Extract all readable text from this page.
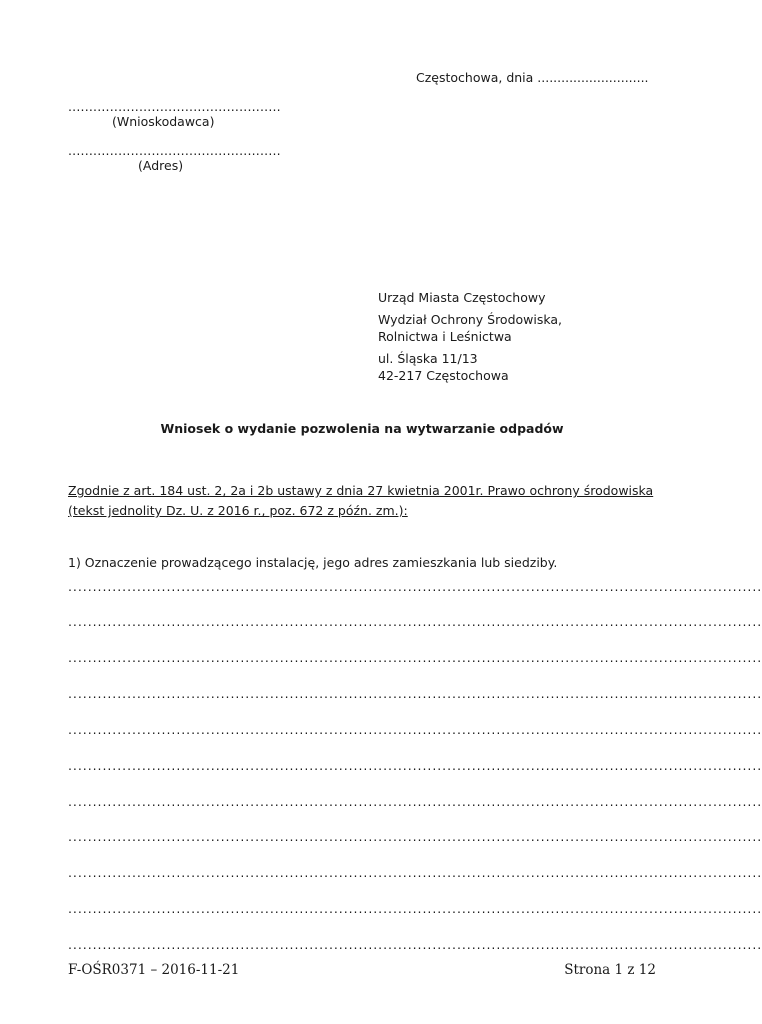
Częstochowa, dnia ............................
...................................................
(Wnioskodawca)
...................................................
(Adres)
Urząd Miasta Częstochowy
Wydział Ochrony Środowiska,
Rolnictwa i Leśnictwa
ul. Śląska 11/13
42-217 Częstochowa
Wniosek o wydanie pozwolenia na wytwarzanie odpadów
Zgodnie z art. 184 ust. 2, 2a i 2b ustawy z dnia 27 kwietnia 2001r. Prawo ochrony środowiska (tekst jednolity Dz. U. z 2016 r., poz. 672 z późn. zm.):
1) Oznaczenie prowadzącego instalację, jego adres zamieszkania lub siedziby.
.............................................................................................................................................
.............................................................................................................................................
.............................................................................................................................................
.............................................................................................................................................
.............................................................................................................................................
.............................................................................................................................................
.............................................................................................................................................
.............................................................................................................................................
.............................................................................................................................................
.............................................................................................................................................
.............................................................................................................................................
F-OŚR0371 – 2016-11-21	Strona 1 z 12
